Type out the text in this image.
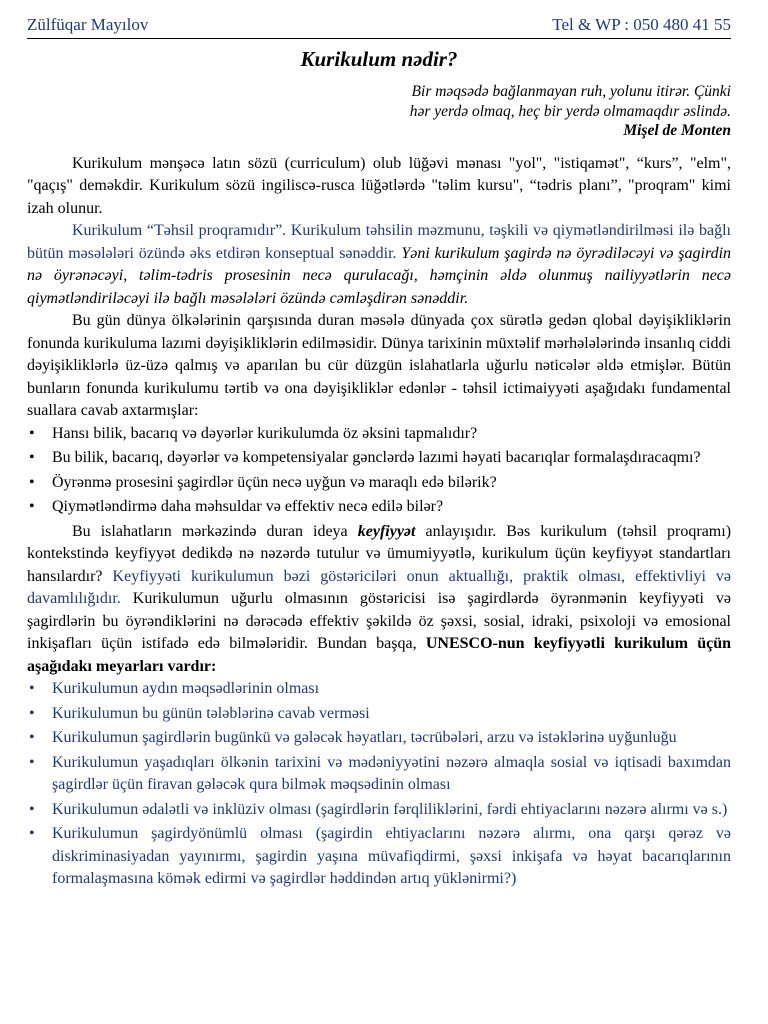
Zülfüqar Mayılov	Tel & WP : 050 480 41 55
Kurikulum nədir?
Bir məqsədə bağlanmayan ruh, yolunu itirər. Çünki
hər yerdə olmaq, heç bir yerdə olmamaqdır əslində.
Mişel de Monten

Kurikulum mənşəcə latın sözü (curriculum) olub lüğəvi mənası "yol", "istiqamət", “kurs”, "elm", "qaçış" deməkdir. Kurikulum sözü ingiliscə-rusca lüğətlərdə "təlim kursu", “tədris planı”, "proqram" kimi izah olunur.

Kurikulum “Təhsil proqramıdır”. Kurikulum təhsilin məzmunu, təşkili və qiymətləndirilməsi ilə bağlı bütün məsələləri özündə əks etdirən konseptual sənəddir. Yəni kurikulum şagirdə nə öyrədiləcəyi və şagirdin nə öyrənəcəyi, təlim-tədris prosesinin necə qurulacağı, həmçinin əldə olunmuş nailiyyətlərin necə qiymətləndiriləcəyi ilə bağlı məsələləri özündə cəmləşdirən sənəddir.

Bu gün dünya ölkələrinin qarşısında duran məsələ dünyada çox sürətlə gedən qlobal dəyişikliklərin fonunda kurikuluma lazımi dəyişikliklərin edilməsidir. Dünya tarixinin müxtəlif mərhələlərində insanlıq ciddi dəyişikliklərlə üz-üzə qalmış və aparılan bu cür düzgün islahatlarla uğurlu nəticələr əldə etmişlər. Bütün bunların fonunda kurikulumu tərtib və ona dəyişikliklər edənlər - təhsil ictimaiyyəti aşağıdakı fundamental suallara cavab axtarmışlar:

• Hansı bilik, bacarıq və dəyərlər kurikulumda öz əksini tapmalıdır?
• Bu bilik, bacarıq, dəyərlər və kompetensiyalar gənclərdə lazımi həyati bacarıqlar formalaşdıracaqmı?
• Öyrənmə prosesini şagirdlər üçün necə uyğun və maraqlı edə bilərik?
• Qiymətləndirmə daha məhsuldar və effektiv necə edilə bilər?

Bu islahatların mərkəzində duran ideya keyfiyyət anlayışıdır. Bəs kurikulum (təhsil proqramı) kontekstində keyfiyyət dedikdə nə nəzərdə tutulur və ümumiyyətlə, kurikulum üçün keyfiyyət standartları hansılardır? Keyfiyyəti kurikulumun bəzi göstəriciləri onun aktuallığı, praktik olması, effektivliyi və davamlılığıdır. Kurikulumun uğurlu olmasının göstəricisi isə şagirdlərdə öyrənmənin keyfiyyəti və şagirdlərin bu öyrəndiklərini nə dərəcədə effektiv şəkildə öz şəxsi, sosial, idraki, psixoloji və emosional inkişafları üçün istifadə edə bilmələridir. Bundan başqa, UNESCO-nun keyfiyyətli kurikulum üçün aşağıdakı meyarları vardır:

• Kurikulumun aydın məqsədlərinin olması
• Kurikulumun bu günün tələblərinə cavab verməsi
• Kurikulumun şagirdlərin bugünkü və gələcək həyatları, təcrübələri, arzu və istəklərinə uyğunluğu
• Kurikulumun yaşadıqları ölkənin tarixini və mədəniyyətini nəzərə almaqla sosial və iqtisadi baxımdan şagirdlər üçün firavan gələcək qura bilmək məqsədinin olması
• Kurikulumun ədalətli və inklüziv olması (şagirdlərin fərqliliklərini, fərdi ehtiyaclarını nəzərə alırmı və s.)
• Kurikulumun şagirdyönümlü olması (şagirdin ehtiyaclarını nəzərə alırmı, ona qarşı qərəz və diskriminasiyadan yayınırmı, şagirdin yaşına müvafiqdirmi, şəxsi inkişafa və həyat bacarıqlarının formalaşmasına kömək edirmi və şagirdlər həddindən artıq yüklənirmi?)
